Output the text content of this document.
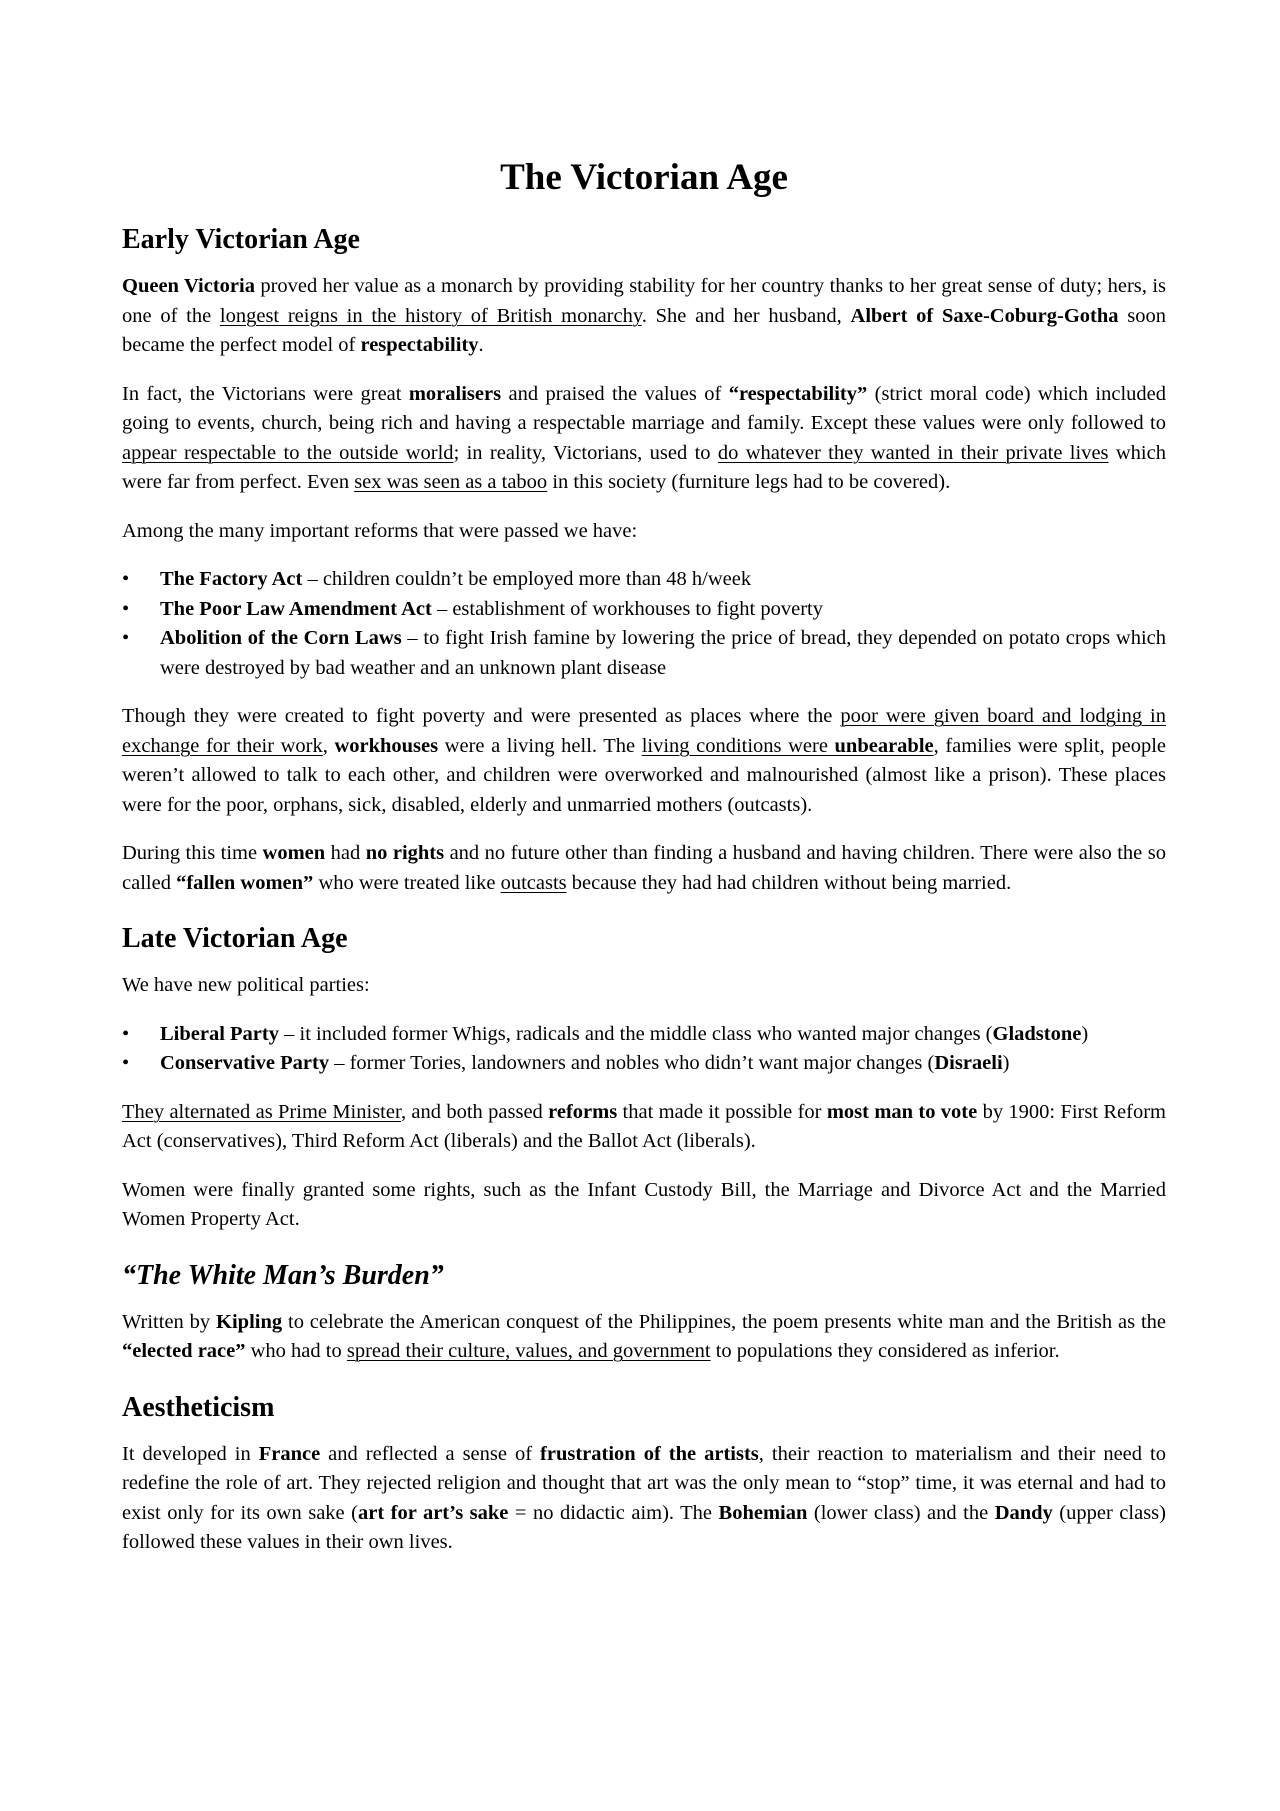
The Victorian Age
Early Victorian Age

Queen Victoria proved her value as a monarch by providing stability for her country thanks to her great sense of duty; hers, is one of the longest reigns in the history of British monarchy. She and her husband, Albert of Saxe-Coburg-Gotha soon became the perfect model of respectability.

In fact, the Victorians were great moralisers and praised the values of “respectability” (strict moral code) which included going to events, church, being rich and having a respectable marriage and family. Except these values were only followed to appear respectable to the outside world; in reality, Victorians, used to do whatever they wanted in their private lives which were far from perfect. Even sex was seen as a taboo in this society (furniture legs had to be covered).

Among the many important reforms that were passed we have:

• The Factory Act – children couldn’t be employed more than 48 h/week
• The Poor Law Amendment Act – establishment of workhouses to fight poverty
• Abolition of the Corn Laws – to fight Irish famine by lowering the price of bread, they depended on potato crops which were destroyed by bad weather and an unknown plant disease

Though they were created to fight poverty and were presented as places where the poor were given board and lodging in exchange for their work, workhouses were a living hell. The living conditions were unbearable, families were split, people weren’t allowed to talk to each other, and children were overworked and malnourished (almost like a prison). These places were for the poor, orphans, sick, disabled, elderly and unmarried mothers (outcasts).

During this time women had no rights and no future other than finding a husband and having children. There were also the so called “fallen women” who were treated like outcasts because they had had children without being married.

Late Victorian Age

We have new political parties:

• Liberal Party – it included former Whigs, radicals and the middle class who wanted major changes (Gladstone)
• Conservative Party – former Tories, landowners and nobles who didn’t want major changes (Disraeli)

They alternated as Prime Minister, and both passed reforms that made it possible for most man to vote by 1900: First Reform Act (conservatives), Third Reform Act (liberals) and the Ballot Act (liberals).

Women were finally granted some rights, such as the Infant Custody Bill, the Marriage and Divorce Act and the Married Women Property Act.

“The White Man’s Burden”

Written by Kipling to celebrate the American conquest of the Philippines, the poem presents white man and the British as the “elected race” who had to spread their culture, values, and government to populations they considered as inferior.

Aestheticism

It developed in France and reflected a sense of frustration of the artists, their reaction to materialism and their need to redefine the role of art. They rejected religion and thought that art was the only mean to “stop” time, it was eternal and had to exist only for its own sake (art for art’s sake = no didactic aim). The Bohemian (lower class) and the Dandy (upper class) followed these values in their own lives.
